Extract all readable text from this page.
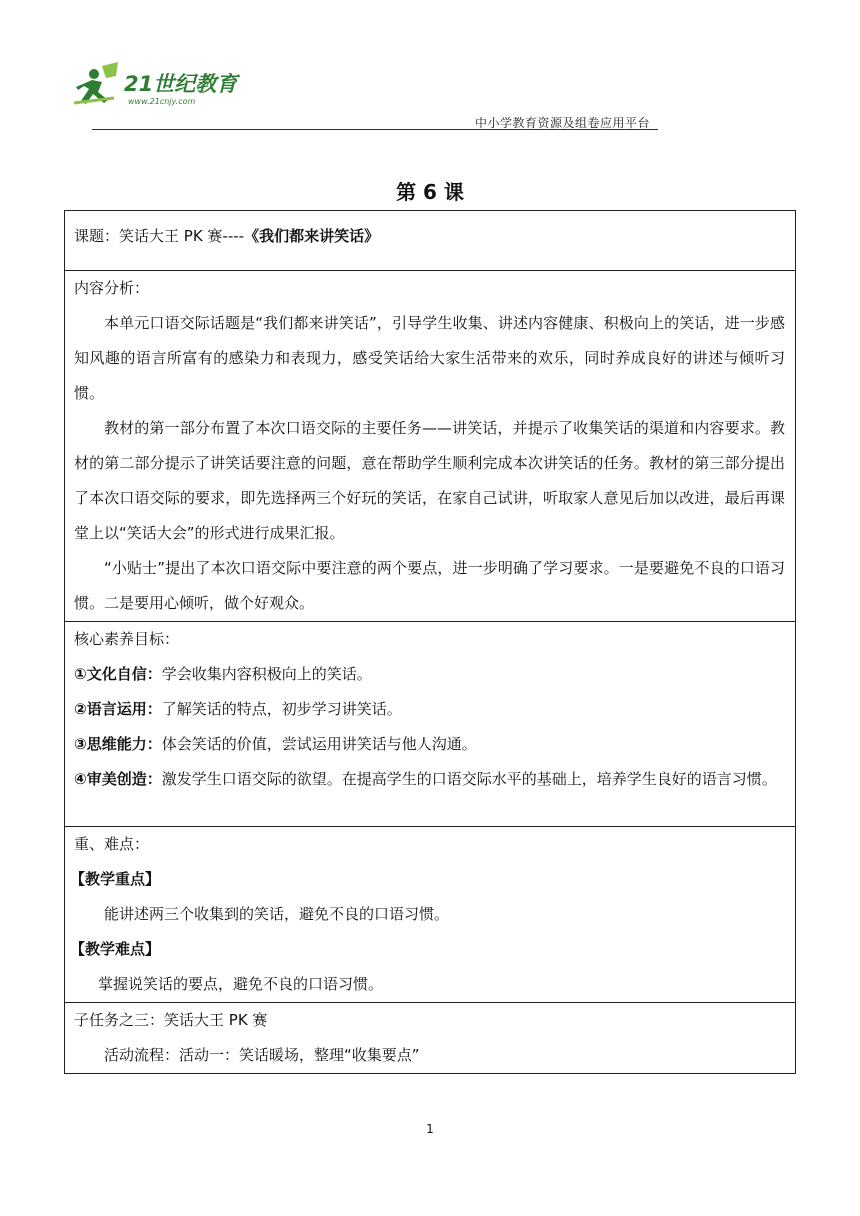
21世纪教育
www.21cnjy.com
中小学教育资源及组卷应用平台
第 6 课
课题：笑话大王 PK 赛----《我们都来讲笑话》

内容分析：

本单元口语交际话题是“我们都来讲笑话”，引导学生收集、讲述内容健康、积极向上的笑话，进一步感知风趣的语言所富有的感染力和表现力，感受笑话给大家生活带来的欢乐，同时养成良好的讲述与倾听习惯。

教材的第一部分布置了本次口语交际的主要任务——讲笑话，并提示了收集笑话的渠道和内容要求。教材的第二部分提示了讲笑话要注意的问题，意在帮助学生顺利完成本次讲笑话的任务。教材的第三部分提出了本次口语交际的要求，即先选择两三个好玩的笑话，在家自己试讲，听取家人意见后加以改进，最后再课堂上以“笑话大会”的形式进行成果汇报。

“小贴士”提出了本次口语交际中要注意的两个要点，进一步明确了学习要求。一是要避免不良的口语习惯。二是要用心倾听，做个好观众。

核心素养目标：

①文化自信：学会收集内容积极向上的笑话。

②语言运用：了解笑话的特点，初步学习讲笑话。

③思维能力：体会笑话的价值，尝试运用讲笑话与他人沟通。

④审美创造：激发学生口语交际的欲望。在提高学生的口语交际水平的基础上，培养学生良好的语言习惯。

重、难点：

【教学重点】

能讲述两三个收集到的笑话，避免不良的口语习惯。

【教学难点】

掌握说笑话的要点，避免不良的口语习惯。

子任务之三：笑话大王 PK 赛

活动流程：活动一：笑话暖场，整理“收集要点”

1
